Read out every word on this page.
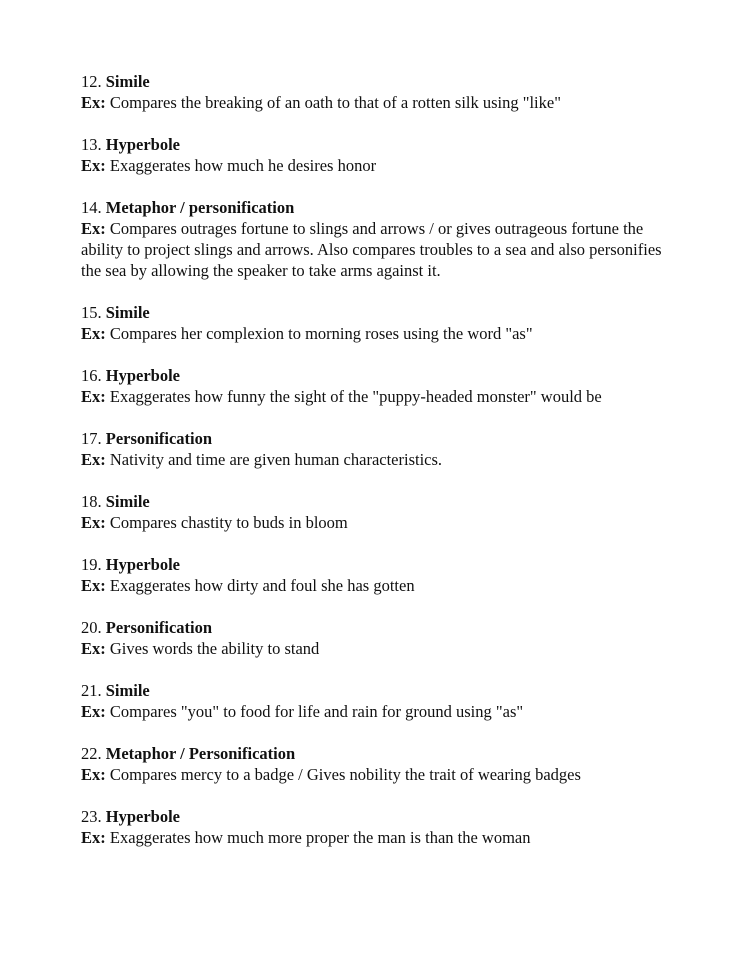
12. Simile
Ex: Compares the breaking of an oath to that of a rotten silk using "like"
13. Hyperbole
Ex: Exaggerates how much he desires honor
14. Metaphor / personification
Ex: Compares outrages fortune to slings and arrows / or gives outrageous fortune the ability to project slings and arrows. Also compares troubles to a sea and also personifies the sea by allowing the speaker to take arms against it.
15. Simile
Ex: Compares her complexion to morning roses using the word "as"
16. Hyperbole
Ex: Exaggerates how funny the sight of the "puppy-headed monster" would be
17. Personification
Ex: Nativity and time are given human characteristics.
18. Simile
Ex: Compares chastity to buds in bloom
19. Hyperbole
Ex: Exaggerates how dirty and foul she has gotten
20. Personification
Ex: Gives words the ability to stand
21. Simile
Ex: Compares "you" to food for life and rain for ground using "as"
22. Metaphor / Personification
Ex: Compares mercy to a badge / Gives nobility the trait of wearing badges
23. Hyperbole
Ex: Exaggerates how much more proper the man is than the woman
